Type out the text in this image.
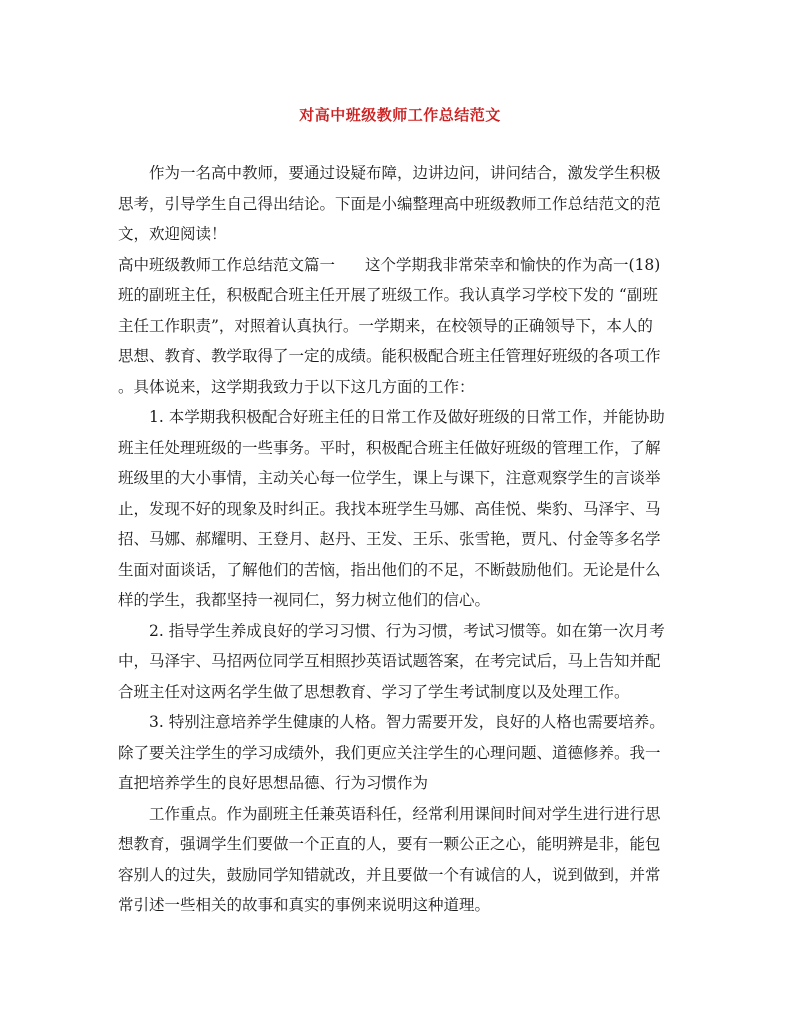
对高中班级教师工作总结范文
作为一名高中教师，要通过设疑布障，边讲边问，讲问结合，激发学生积极
思考，引导学生自己得出结论。下面是小编整理高中班级教师工作总结范文的范
文，欢迎阅读！
高中班级教师工作总结范文篇一 这个学期我非常荣幸和愉快的作为高一(18)
班的副班主任，积极配合班主任开展了班级工作。我认真学习学校下发的 “副班
主任工作职责”，对照着认真执行。一学期来，在校领导的正确领导下，本人的
思想、教育、教学取得了一定的成绩。能积极配合班主任管理好班级的各项工作
。具体说来，这学期我致力于以下这几方面的工作：
1. 本学期我积极配合好班主任的日常工作及做好班级的日常工作，并能协助
班主任处理班级的一些事务。平时，积极配合班主任做好班级的管理工作，了解
班级里的大小事情，主动关心每一位学生，课上与课下，注意观察学生的言谈举
止，发现不好的现象及时纠正。我找本班学生马娜、高佳悦、柴豹、马泽宇、马
招、马娜、郝耀明、王登月、赵丹、王发、王乐、张雪艳，贾凡、付金等多名学
生面对面谈话，了解他们的苦恼，指出他们的不足，不断鼓励他们。无论是什么
样的学生，我都坚持一视同仁，努力树立他们的信心。
2. 指导学生养成良好的学习习惯、行为习惯，考试习惯等。如在第一次月考
中，马泽宇、马招两位同学互相照抄英语试题答案，在考完试后，马上告知并配
合班主任对这两名学生做了思想教育、学习了学生考试制度以及处理工作。
3. 特别注意培养学生健康的人格。智力需要开发，良好的人格也需要培养。
除了要关注学生的学习成绩外，我们更应关注学生的心理问题、道德修养。我一
直把培养学生的良好思想品德、行为习惯作为
工作重点。作为副班主任兼英语科任，经常利用课间时间对学生进行进行思
想教育，强调学生们要做一个正直的人，要有一颗公正之心，能明辨是非，能包
容别人的过失，鼓励同学知错就改，并且要做一个有诚信的人，说到做到，并常
常引述一些相关的故事和真实的事例来说明这种道理。
